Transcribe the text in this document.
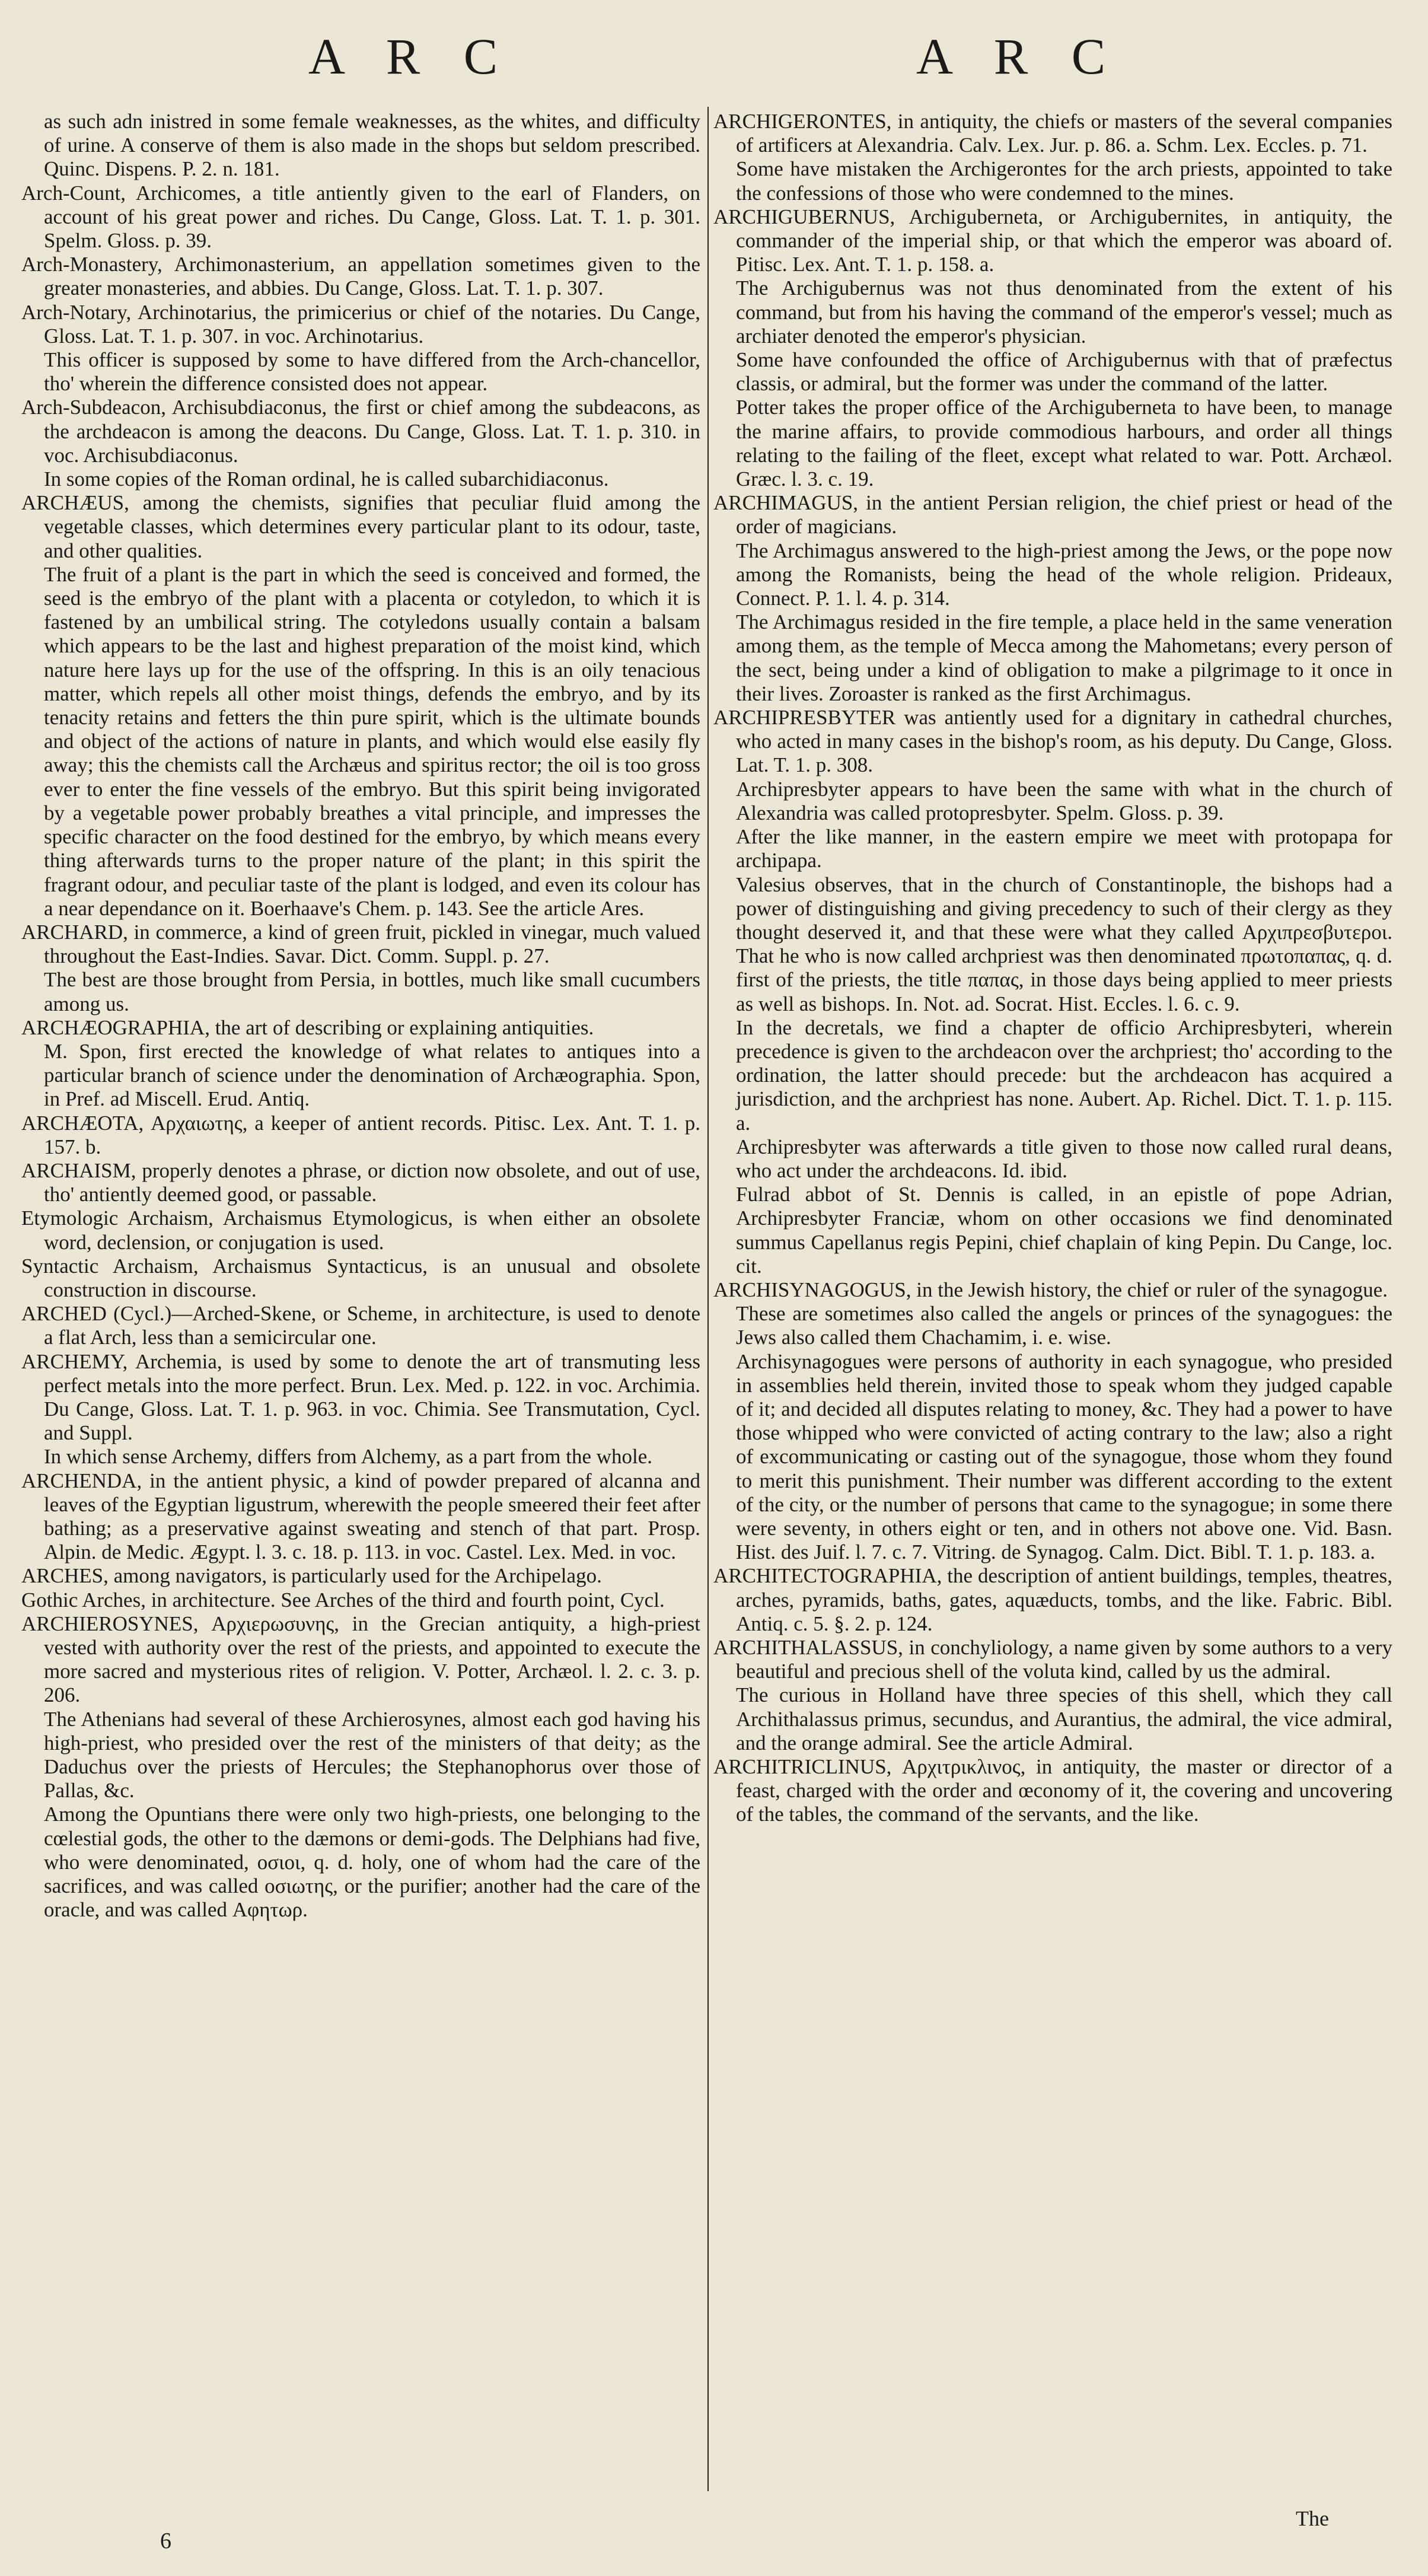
A R C	A R C

as such adn inistred in some female weaknesses, as the whites, and difficulty of urine. A conserve of them is also made in the shops but seldom prescribed. Quinc. Dispens. P. 2. n. 181.

Arch-Count, Archicomes, a title antiently given to the earl of Flanders, on account of his great power and riches. Du Cange, Gloss. Lat. T. 1. p. 301. Spelm. Gloss. p. 39.

Arch-Monastery, Archimonasterium, an appellation sometimes given to the greater monasteries, and abbies. Du Cange, Gloss. Lat. T. 1. p. 307.

Arch-Notary, Archinotarius, the primicerius or chief of the notaries. Du Cange, Gloss. Lat. T. 1. p. 307. in voc. Archinotarius.

This officer is supposed by some to have differed from the Arch-chancellor, tho' wherein the difference consisted does not appear.

Arch-Subdeacon, Archisubdiaconus, the first or chief among the subdeacons, as the archdeacon is among the deacons. Du Cange, Gloss. Lat. T. 1. p. 310. in voc. Archisubdiaconus.

In some copies of the Roman ordinal, he is called subarchidiaconus.

ARCHÆUS, among the chemists, signifies that peculiar fluid among the vegetable classes, which determines every particular plant to its odour, taste, and other qualities.

The fruit of a plant is the part in which the seed is conceived and formed, the seed is the embryo of the plant with a placenta or cotyledon, to which it is fastened by an umbilical string. The cotyledons usually contain a balsam which appears to be the last and highest preparation of the moist kind, which nature here lays up for the use of the offspring. In this is an oily tenacious matter, which repels all other moist things, defends the embryo, and by its tenacity retains and fetters the thin pure spirit, which is the ultimate bounds and object of the actions of nature in plants, and which would else easily fly away; this the chemists call the Archæus and spiritus rector; the oil is too gross ever to enter the fine vessels of the embryo. But this spirit being invigorated by a vegetable power probably breathes a vital principle, and impresses the specific character on the food destined for the embryo, by which means every thing afterwards turns to the proper nature of the plant; in this spirit the fragrant odour, and peculiar taste of the plant is lodged, and even its colour has a near dependance on it. Boerhaave's Chem. p. 143. See the article Ares.

ARCHARD, in commerce, a kind of green fruit, pickled in vinegar, much valued throughout the East-Indies. Savar. Dict. Comm. Suppl. p. 27.

The best are those brought from Persia, in bottles, much like small cucumbers among us.

ARCHÆOGRAPHIA, the art of describing or explaining antiquities.

M. Spon, first erected the knowledge of what relates to antiques into a particular branch of science under the denomination of Archæographia. Spon, in Pref. ad Miscell. Erud. Antiq.

ARCHÆOTA, Αρχαιωτης, a keeper of antient records. Pitisc. Lex. Ant. T. 1. p. 157. b.

ARCHAISM, properly denotes a phrase, or diction now obsolete, and out of use, tho' antiently deemed good, or passable.

Etymologic Archaism, Archaismus Etymologicus, is when either an obsolete word, declension, or conjugation is used.

Syntactic Archaism, Archaismus Syntacticus, is an unusual and obsolete construction in discourse.

ARCHED (Cycl.)—Arched-Skene, or Scheme, in architecture, is used to denote a flat Arch, less than a semicircular one.

ARCHEMY, Archemia, is used by some to denote the art of transmuting less perfect metals into the more perfect. Brun. Lex. Med. p. 122. in voc. Archimia. Du Cange, Gloss. Lat. T. 1. p. 963. in voc. Chimia. See Transmutation, Cycl. and Suppl.

In which sense Archemy, differs from Alchemy, as a part from the whole.

ARCHENDA, in the antient physic, a kind of powder prepared of alcanna and leaves of the Egyptian ligustrum, wherewith the people smeered their feet after bathing; as a preservative against sweating and stench of that part. Prosp. Alpin. de Medic. Ægypt. l. 3. c. 18. p. 113. in voc. Castel. Lex. Med. in voc.

ARCHES, among navigators, is particularly used for the Archipelago.

Gothic Arches, in architecture. See Arches of the third and fourth point, Cycl.

ARCHIEROSYNES, Αρχιερωσυνης, in the Grecian antiquity, a high-priest vested with authority over the rest of the priests, and appointed to execute the more sacred and mysterious rites of religion. V. Potter, Archæol. l. 2. c. 3. p. 206.

The Athenians had several of these Archierosynes, almost each god having his high-priest, who presided over the rest of the ministers of that deity; as the Daduchus over the priests of Hercules; the Stephanophorus over those of Pallas, &c.

Among the Opuntians there were only two high-priests, one belonging to the cœlestial gods, the other to the dæmons or demi-gods. The Delphians had five, who were denominated, οσιοι, q. d. holy, one of whom had the care of the sacrifices, and was called οσιωτης, or the purifier; another had the care of the oracle, and was called Αφητωρ.

ARCHIGERONTES, in antiquity, the chiefs or masters of the several companies of artificers at Alexandria. Calv. Lex. Jur. p. 86. a. Schm. Lex. Eccles. p. 71.

Some have mistaken the Archigerontes for the arch priests, appointed to take the confessions of those who were condemned to the mines.

ARCHIGUBERNUS, Archigubernetа, or Archigubernites, in antiquity, the commander of the imperial ship, or that which the emperor was aboard of. Pitisc. Lex. Ant. T. 1. p. 158. a.

The Archigubernus was not thus denominated from the extent of his command, but from his having the command of the emperor's vessel; much as archiater denoted the emperor's physician.

Some have confounded the office of Archigubernus with that of præfectus classis, or admiral, but the former was under the command of the latter.

Potter takes the proper office of the Archigubernetа to have been, to manage the marine affairs, to provide commodious harbours, and order all things relating to the failing of the fleet, except what related to war. Pott. Archæol. Græc. l. 3. c. 19.

ARCHIMAGUS, in the antient Persian religion, the chief priest or head of the order of magicians.

The Archimagus answered to the high-priest among the Jews, or the pope now among the Romanists, being the head of the whole religion. Prideaux, Connect. P. 1. l. 4. p. 314.

The Archimagus resided in the fire temple, a place held in the same veneration among them, as the temple of Mecca among the Mahometans; every person of the sect, being under a kind of obligation to make a pilgrimage to it once in their lives. Zoroaster is ranked as the first Archimagus.

ARCHIPRESBYTER was antiently used for a dignitary in cathedral churches, who acted in many cases in the bishop's room, as his deputy. Du Cange, Gloss. Lat. T. 1. p. 308.

Archipresbyter appears to have been the same with what in the church of Alexandria was called protopresbyter. Spelm. Gloss. p. 39.

After the like manner, in the eastern empire we meet with protopapa for archipapa.

Valesius observes, that in the church of Constantinople, the bishops had a power of distinguishing and giving precedency to such of their clergy as they thought deserved it, and that these were what they called Αρχιπρεσβυτεροι. That he who is now called archpriest was then denominated πρωτοπαπας, q. d. first of the priests, the title παπας, in those days being applied to meer priests as well as bishops. In. Not. ad. Socrat. Hist. Eccles. l. 6. c. 9.

In the decretals, we find a chapter de officio Archipresbyteri, wherein precedence is given to the archdeacon over the archpriest; tho' according to the ordination, the latter should precede: but the archdeacon has acquired a jurisdiction, and the archpriest has none. Aubert. Ap. Richel. Dict. T. 1. p. 115. a.

Archipresbyter was afterwards a title given to those now called rural deans, who act under the archdeacons. Id. ibid.

Fulrad abbot of St. Dennis is called, in an epistle of pope Adrian, Archipresbyter Franciæ, whom on other occasions we find denominated summus Capellanus regis Pepini, chief chaplain of king Pepin. Du Cange, loc. cit.

ARCHISYNAGOGUS, in the Jewish history, the chief or ruler of the synagogue.

These are sometimes also called the angels or princes of the synagogues: the Jews also called them Chachamim, i. e. wise.

Archisynagogues were persons of authority in each synagogue, who presided in assemblies held therein, invited those to speak whom they judged capable of it; and decided all disputes relating to money, &c. They had a power to have those whipped who were convicted of acting contrary to the law; also a right of excommunicating or casting out of the synagogue, those whom they found to merit this punishment. Their number was different according to the extent of the city, or the number of persons that came to the synagogue; in some there were seventy, in others eight or ten, and in others not above one. Vid. Basn. Hist. des Juif. l. 7. c. 7. Vitring. de Synagog. Calm. Dict. Bibl. T. 1. p. 183. a.

ARCHITECTOGRAPHIA, the description of antient buildings, temples, theatres, arches, pyramids, baths, gates, aquæducts, tombs, and the like. Fabric. Bibl. Antiq. c. 5. §. 2. p. 124.

ARCHITHALASSUS, in conchyliology, a name given by some authors to a very beautiful and precious shell of the voluta kind, called by us the admiral.

The curious in Holland have three species of this shell, which they call Archithalassus primus, secundus, and Aurantius, the admiral, the vice admiral, and the orange admiral. See the article Admiral.

ARCHITRICLINUS, Αρχιτρικλινος, in antiquity, the master or director of a feast, charged with the order and œconomy of it, the covering and uncovering of the tables, the command of the servants, and the like.

6
The
